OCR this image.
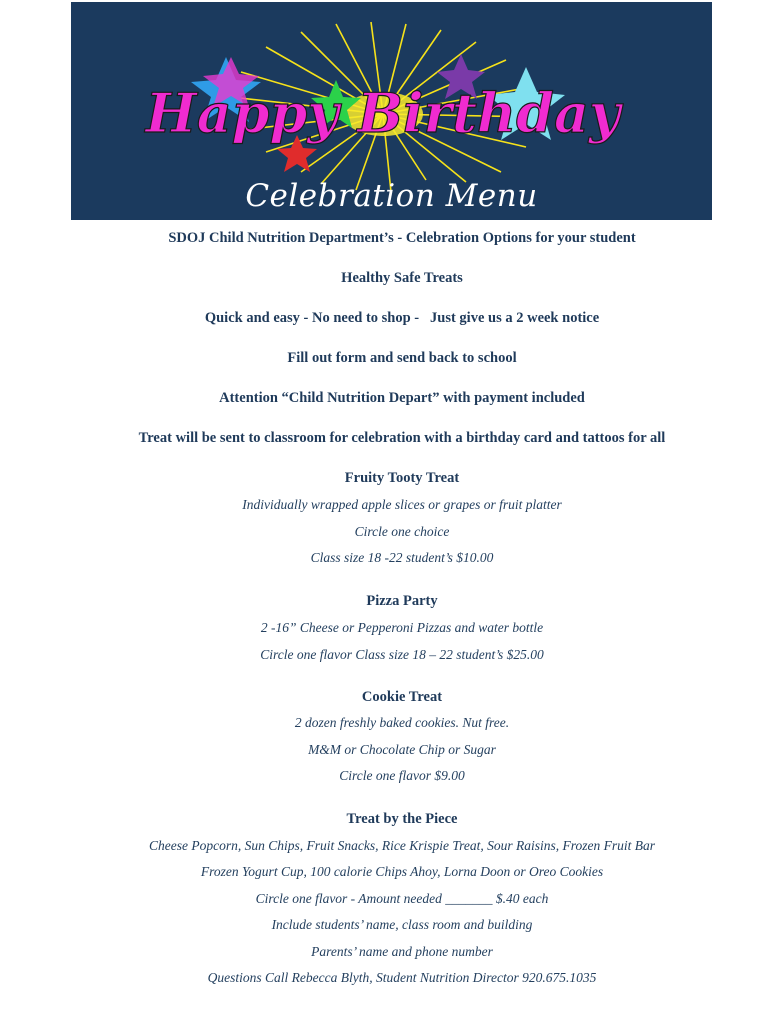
Happy Birthday
Celebration Menu
SDOJ Child Nutrition Department’s - Celebration Options for your student
Healthy Safe Treats
Quick and easy - No need to shop -   Just give us a 2 week notice
Fill out form and send back to school
Attention “Child Nutrition Depart” with payment included
Treat will be sent to classroom for celebration with a birthday card and tattoos for all
Fruity Tooty Treat
Individually wrapped apple slices or grapes or fruit platter
Circle one choice
Class size 18 -22 student’s $10.00
Pizza Party
2 -16” Cheese or Pepperoni Pizzas and water bottle
Circle one flavor Class size 18 – 22 student’s $25.00
Cookie Treat
2 dozen freshly baked cookies. Nut free.
M&M or Chocolate Chip or Sugar
Circle one flavor $9.00
Treat by the Piece
Cheese Popcorn, Sun Chips, Fruit Snacks, Rice Krispie Treat, Sour Raisins, Frozen Fruit Bar
Frozen Yogurt Cup, 100 calorie Chips Ahoy, Lorna Doon or Oreo Cookies
Circle one flavor - Amount needed _______ $.40 each
Include students’ name, class room and building
Parents’ name and phone number
Questions Call Rebecca Blyth, Student Nutrition Director 920.675.1035
